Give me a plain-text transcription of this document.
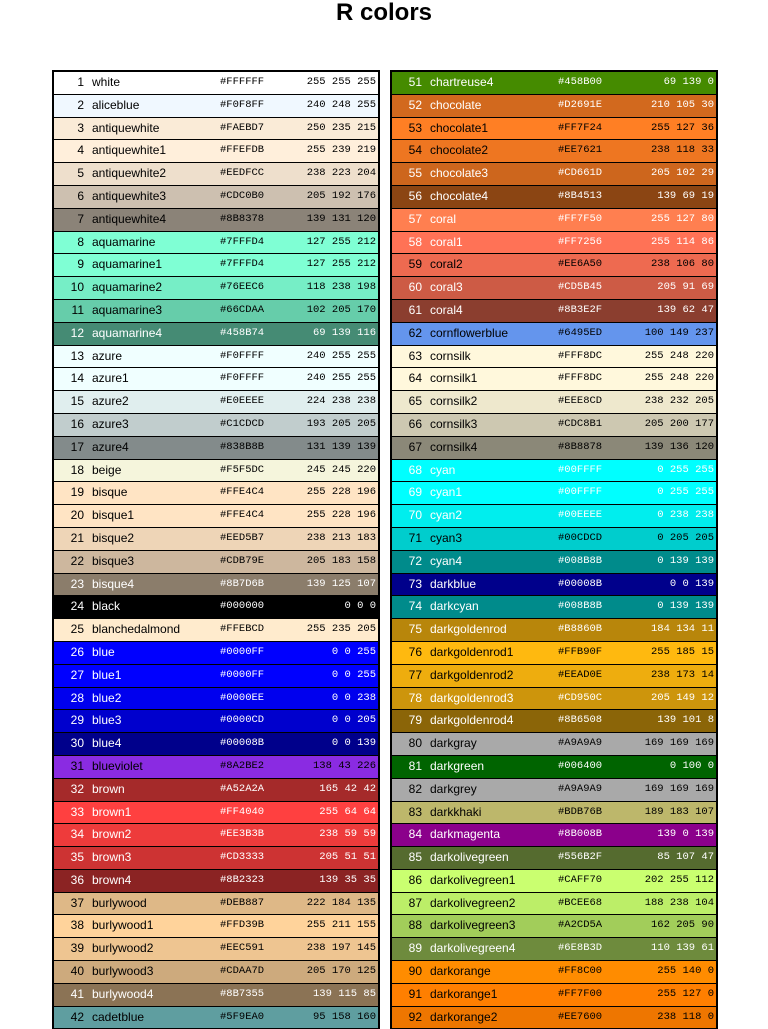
R colors
1 white	#FFFFFF	255 255 255
2 aliceblue	#F0F8FF	240 248 255
3 antiquewhite	#FAEBD7	250 235 215
4 antiquewhite1	#FFEFDB	255 239 219
5 antiquewhite2	#EEDFCC	238 223 204
6 antiquewhite3	#CDC0B0	205 192 176
7 antiquewhite4	#8B8378	139 131 120
8 aquamarine	#7FFFD4	127 255 212
9 aquamarine1	#7FFFD4	127 255 212
10 aquamarine2	#76EEC6	118 238 198
11 aquamarine3	#66CDAA	102 205 170
12 aquamarine4	#458B74	69 139 116
13 azure	#F0FFFF	240 255 255
14 azure1	#F0FFFF	240 255 255
15 azure2	#E0EEEE	224 238 238
16 azure3	#C1CDCD	193 205 205
17 azure4	#838B8B	131 139 139
18 beige	#F5F5DC	245 245 220
19 bisque	#FFE4C4	255 228 196
20 bisque1	#FFE4C4	255 228 196
21 bisque2	#EED5B7	238 213 183
22 bisque3	#CDB79E	205 183 158
23 bisque4	#8B7D6B	139 125 107
24 black	#000000	0 0 0
25 blanchedalmond	#FFEBCD	255 235 205
26 blue	#0000FF	0 0 255
27 blue1	#0000FF	0 0 255
28 blue2	#0000EE	0 0 238
29 blue3	#0000CD	0 0 205
30 blue4	#00008B	0 0 139
31 blueviolet	#8A2BE2	138 43 226
32 brown	#A52A2A	165 42 42
33 brown1	#FF4040	255 64 64
34 brown2	#EE3B3B	238 59 59
35 brown3	#CD3333	205 51 51
36 brown4	#8B2323	139 35 35
37 burlywood	#DEB887	222 184 135
38 burlywood1	#FFD39B	255 211 155
39 burlywood2	#EEC591	238 197 145
40 burlywood3	#CDAA7D	205 170 125
41 burlywood4	#8B7355	139 115 85
42 cadetblue	#5F9EA0	95 158 160
51 chartreuse4	#458B00	69 139 0
52 chocolate	#D2691E	210 105 30
53 chocolate1	#FF7F24	255 127 36
54 chocolate2	#EE7621	238 118 33
55 chocolate3	#CD661D	205 102 29
56 chocolate4	#8B4513	139 69 19
57 coral	#FF7F50	255 127 80
58 coral1	#FF7256	255 114 86
59 coral2	#EE6A50	238 106 80
60 coral3	#CD5B45	205 91 69
61 coral4	#8B3E2F	139 62 47
62 cornflowerblue	#6495ED	100 149 237
63 cornsilk	#FFF8DC	255 248 220
64 cornsilk1	#FFF8DC	255 248 220
65 cornsilk2	#EEE8CD	238 232 205
66 cornsilk3	#CDC8B1	205 200 177
67 cornsilk4	#8B8878	139 136 120
68 cyan	#00FFFF	0 255 255
69 cyan1	#00FFFF	0 255 255
70 cyan2	#00EEEE	0 238 238
71 cyan3	#00CDCD	0 205 205
72 cyan4	#008B8B	0 139 139
73 darkblue	#00008B	0 0 139
74 darkcyan	#008B8B	0 139 139
75 darkgoldenrod	#B8860B	184 134 11
76 darkgoldenrod1	#FFB90F	255 185 15
77 darkgoldenrod2	#EEAD0E	238 173 14
78 darkgoldenrod3	#CD950C	205 149 12
79 darkgoldenrod4	#8B6508	139 101 8
80 darkgray	#A9A9A9	169 169 169
81 darkgreen	#006400	0 100 0
82 darkgrey	#A9A9A9	169 169 169
83 darkkhaki	#BDB76B	189 183 107
84 darkmagenta	#8B008B	139 0 139
85 darkolivegreen	#556B2F	85 107 47
86 darkolivegreen1	#CAFF70	202 255 112
87 darkolivegreen2	#BCEE68	188 238 104
88 darkolivegreen3	#A2CD5A	162 205 90
89 darkolivegreen4	#6E8B3D	110 139 61
90 darkorange	#FF8C00	255 140 0
91 darkorange1	#FF7F00	255 127 0
92 darkorange2	#EE7600	238 118 0
